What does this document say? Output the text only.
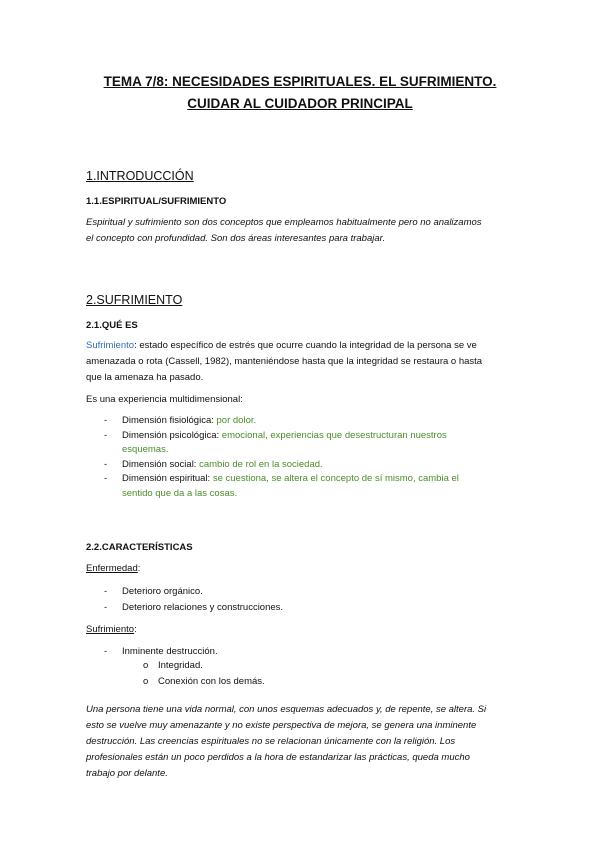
TEMA 7/8: NECESIDADES ESPIRITUALES. EL SUFRIMIENTO.
CUIDAR AL CUIDADOR PRINCIPAL
1.INTRODUCCIÓN
1.1.ESPIRITUAL/SUFRIMIENTO

Espiritual y sufrimiento son dos conceptos que empleamos habitualmente pero no analizamos
el concepto con profundidad. Son dos áreas interesantes para trabajar.

2.SUFRIMIENTO
2.1.QUÉ ES

Sufrimiento: estado específico de estrés que ocurre cuando la integridad de la persona se ve
amenazada o rota (Cassell, 1982), manteniéndose hasta que la integridad se restaura o hasta
que la amenaza ha pasado.

Es una experiencia multidimensional:

- Dimensión fisiológica: por dolor.
- Dimensión psicológica: emocional, experiencias que desestructuran nuestros
esquemas.
- Dimensión social: cambio de rol en la sociedad.
- Dimensión espiritual: se cuestiona, se altera el concepto de sí mismo, cambia el
sentido que da a las cosas.
2.2.CARACTERÍSTICAS

Enfermedad:

- Deterioro orgánico.
- Deterioro relaciones y construcciones.

Sufrimiento:

- Inminente destrucción.
o Integridad.
o Conexión con los demás.

Una persona tiene una vida normal, con unos esquemas adecuados y, de repente, se altera. Si
esto se vuelve muy amenazante y no existe perspectiva de mejora, se genera una inminente
destrucción. Las creencias espirituales no se relacionan únicamente con la religión. Los
profesionales están un poco perdidos a la hora de estandarizar las prácticas, queda mucho
trabajo por delante.
